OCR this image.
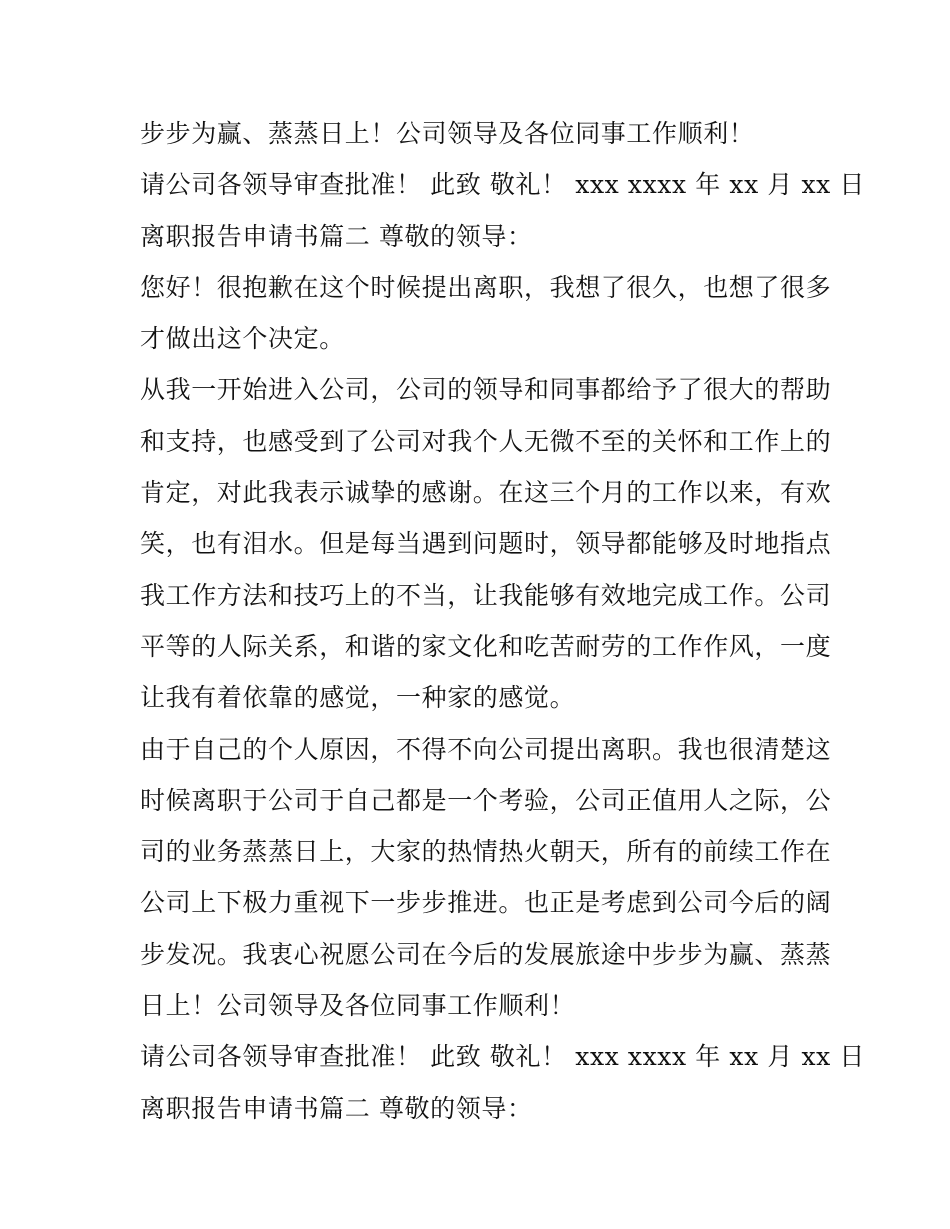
步步为赢、蒸蒸日上！公司领导及各位同事工作顺利！
请公司各领导审查批准！ 此致 敬礼！ xxx xxxx 年 xx 月 xx 日
离职报告申请书篇二 尊敬的领导：
您好！很抱歉在这个时候提出离职，我想了很久，也想了很多
才做出这个决定。
从我一开始进入公司，公司的领导和同事都给予了很大的帮助
和支持，也感受到了公司对我个人无微不至的关怀和工作上的
肯定，对此我表示诚挚的感谢。在这三个月的工作以来，有欢
笑，也有泪水。但是每当遇到问题时，领导都能够及时地指点
我工作方法和技巧上的不当，让我能够有效地完成工作。公司
平等的人际关系，和谐的家文化和吃苦耐劳的工作作风，一度
让我有着依靠的感觉，一种家的感觉。
由于自己的个人原因，不得不向公司提出离职。我也很清楚这
时候离职于公司于自己都是一个考验，公司正值用人之际，公
司的业务蒸蒸日上，大家的热情热火朝天，所有的前续工作在
公司上下极力重视下一步步推进。也正是考虑到公司今后的阔
步发况。我衷心祝愿公司在今后的发展旅途中步步为赢、蒸蒸
日上！公司领导及各位同事工作顺利！
请公司各领导审查批准！ 此致 敬礼！ xxx xxxx 年 xx 月 xx 日
离职报告申请书篇二 尊敬的领导：
